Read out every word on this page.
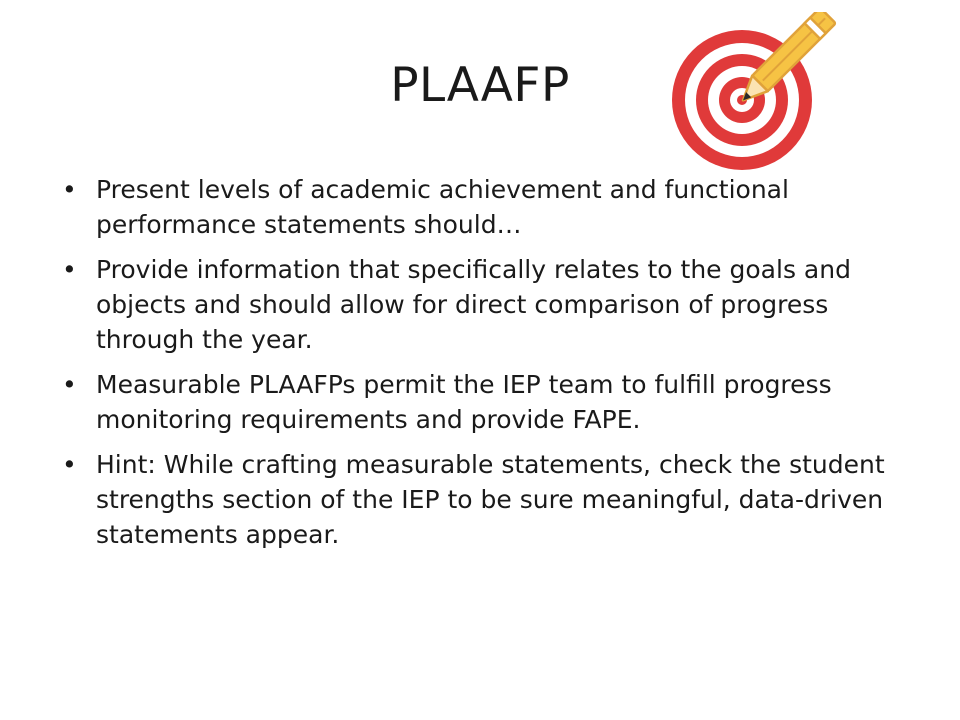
PLAAFP
• Present levels of academic achievement and functional performance statements should…
• Provide information that specifically relates to the goals and objects and should allow for direct comparison of progress through the year.
• Measurable PLAAFPs permit the IEP team to fulfill progress monitoring requirements and provide FAPE.
• Hint: While crafting measurable statements, check the student strengths section of the IEP to be sure meaningful, data-driven statements appear.
